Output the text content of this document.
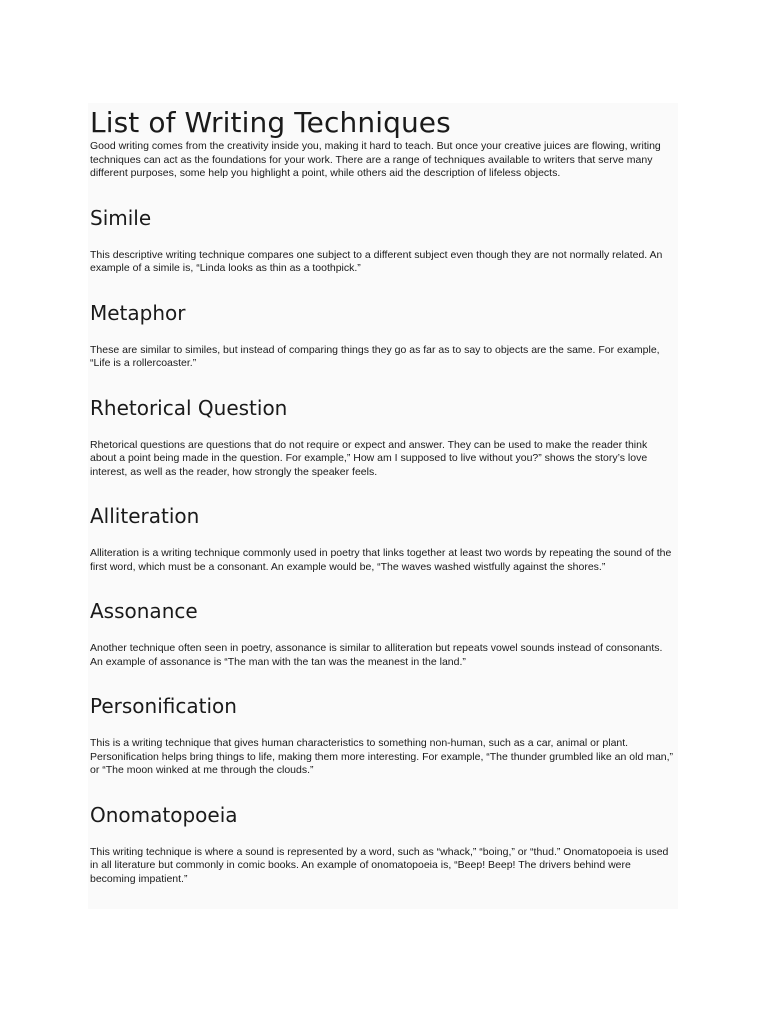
List of Writing Techniques

Good writing comes from the creativity inside you, making it hard to teach. But once your creative juices are flowing, writing techniques can act as the foundations for your work. There are a range of techniques available to writers that serve many different purposes, some help you highlight a point, while others aid the description of lifeless objects.

Simile

This descriptive writing technique compares one subject to a different subject even though they are not normally related. An example of a simile is, “Linda looks as thin as a toothpick.”

Metaphor

These are similar to similes, but instead of comparing things they go as far as to say to objects are the same. For example, “Life is a rollercoaster.”

Rhetorical Question

Rhetorical questions are questions that do not require or expect and answer. They can be used to make the reader think about a point being made in the question. For example,” How am I supposed to live without you?” shows the story’s love interest, as well as the reader, how strongly the speaker feels.

Alliteration

Alliteration is a writing technique commonly used in poetry that links together at least two words by repeating the sound of the first word, which must be a consonant. An example would be, “The waves washed wistfully against the shores.”

Assonance

Another technique often seen in poetry, assonance is similar to alliteration but repeats vowel sounds instead of consonants. An example of assonance is “The man with the tan was the meanest in the land.”

Personification

This is a writing technique that gives human characteristics to something non-human, such as a car, animal or plant. Personification helps bring things to life, making them more interesting. For example, “The thunder grumbled like an old man,” or “The moon winked at me through the clouds.”

Onomatopoeia

This writing technique is where a sound is represented by a word, such as “whack,” “boing,” or “thud.” Onomatopoeia is used in all literature but commonly in comic books. An example of onomatopoeia is, “Beep! Beep! The drivers behind were becoming impatient.”
